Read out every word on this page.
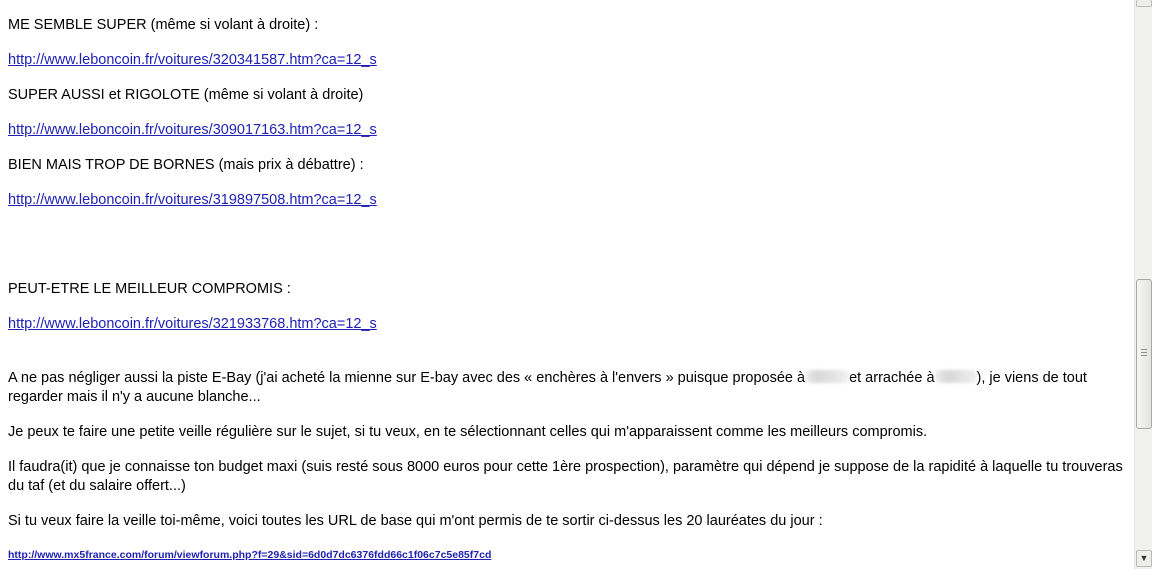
ME SEMBLE SUPER (même si volant à droite) :
http://www.leboncoin.fr/voitures/320341587.htm?ca=12_s
SUPER AUSSI et RIGOLOTE (même si volant à droite)
http://www.leboncoin.fr/voitures/309017163.htm?ca=12_s
BIEN MAIS TROP DE BORNES (mais prix à débattre) :
http://www.leboncoin.fr/voitures/319897508.htm?ca=12_s
PEUT-ETRE LE MEILLEUR COMPROMIS :
http://www.leboncoin.fr/voitures/321933768.htm?ca=12_s
A ne pas négliger aussi la piste E-Bay (j'ai acheté la mienne sur E-bay avec des « enchères à l'envers » puisque proposée à	et arrachée à	), je viens de tout regarder mais il n'y a aucune blanche...
Je peux te faire une petite veille régulière sur le sujet, si tu veux, en te sélectionnant celles qui m'apparaissent comme les meilleurs compromis.
Il faudra(it) que je connaisse ton budget maxi (suis resté sous 8000 euros pour cette 1ère prospection), paramètre qui dépend je suppose de la rapidité à laquelle tu trouveras du taf (et du salaire offert...)
Si tu veux faire la veille toi-même, voici toutes les URL de base qui m'ont permis de te sortir ci-dessus les 20 lauréates du jour :
http://www.mx5france.com/forum/viewforum.php?f=29&sid=6d0d7dc6376fdd66c1f06c7c5e85f7cd	▼
